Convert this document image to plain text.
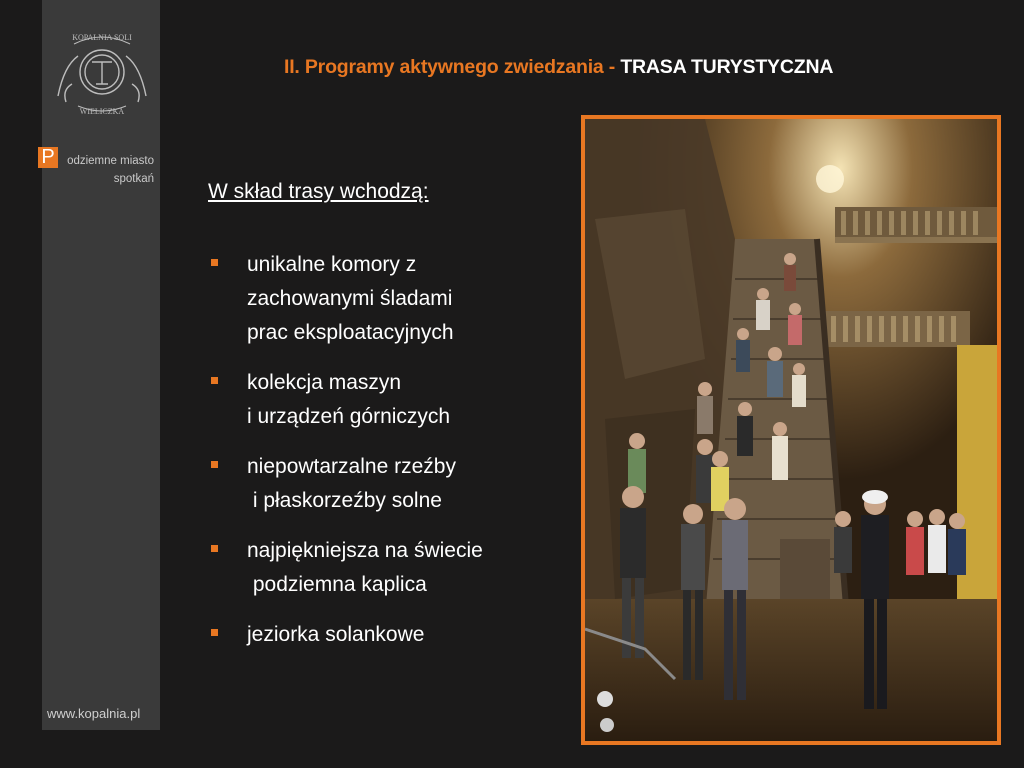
KOPALNIA SOLI
WIELICZKA
P	odziemne miasto
spotkań
www.kopalnia.pl
II. Programy aktywnego zwiedzania - TRASA TURYSTYCZNA
W skład trasy wchodzą:
unikalne komory z
zachowanymi śladami
prac eksploatacyjnych
kolekcja maszyn
i urządzeń górniczych
niepowtarzalne rzeźby
i płaskorzeźby solne
najpiękniejsza na świecie
podziemna kaplica
jeziorka solankowe
